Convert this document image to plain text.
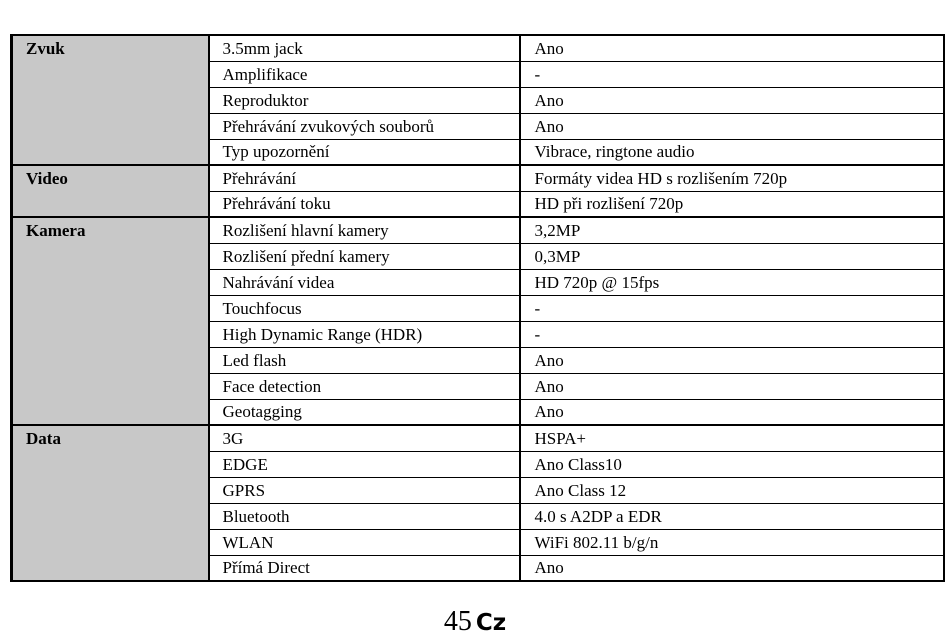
Zvuk	3.5mm jack	Ano
	Amplifikace	-
	Reproduktor	Ano
	Přehrávání zvukových souborů	Ano
	Typ upozornění	Vibrace, ringtone audio
Video	Přehrávání	Formáty videa HD s rozlišením 720p
	Přehrávání toku	HD při rozlišení 720p
Kamera	Rozlišení hlavní kamery	3,2MP
	Rozlišení přední kamery	0,3MP
	Nahrávání videa	HD 720p @ 15fps
	Touchfocus	-
	High Dynamic Range (HDR)	-
	Led flash	Ano
	Face detection	Ano
	Geotagging	Ano
Data	3G	HSPA+
	EDGE	Ano Class10
	GPRS	Ano Class 12
	Bluetooth	4.0 s A2DP a EDR
	WLAN	WiFi 802.11 b/g/n
	Přímá Direct	Ano
45 Cz
